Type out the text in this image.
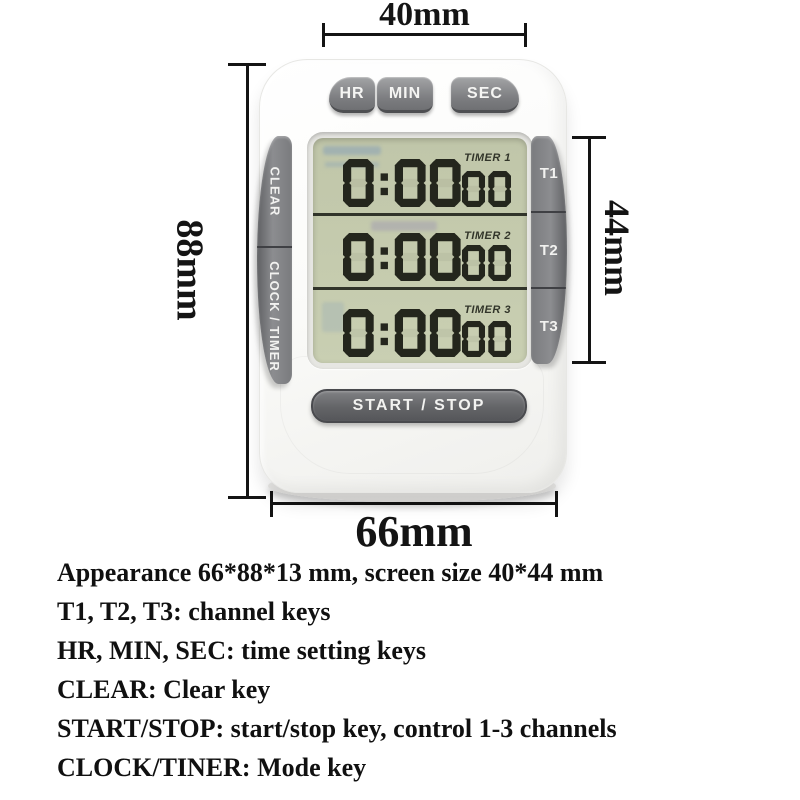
40mm
88mm	44mm
66mm
HR MIN	SEC
TIMER 1
TIMER 2
TIMER 3
CLEAR
CLOCK / TIMER
T1
T2
T3
START / STOP
Appearance 66*88*13 mm, screen size 40*44 mm
T1, T2, T3: channel keys
HR, MIN, SEC: time setting keys
CLEAR: Clear key
START/STOP: start/stop key, control 1-3 channels
CLOCK/TINER: Mode key
